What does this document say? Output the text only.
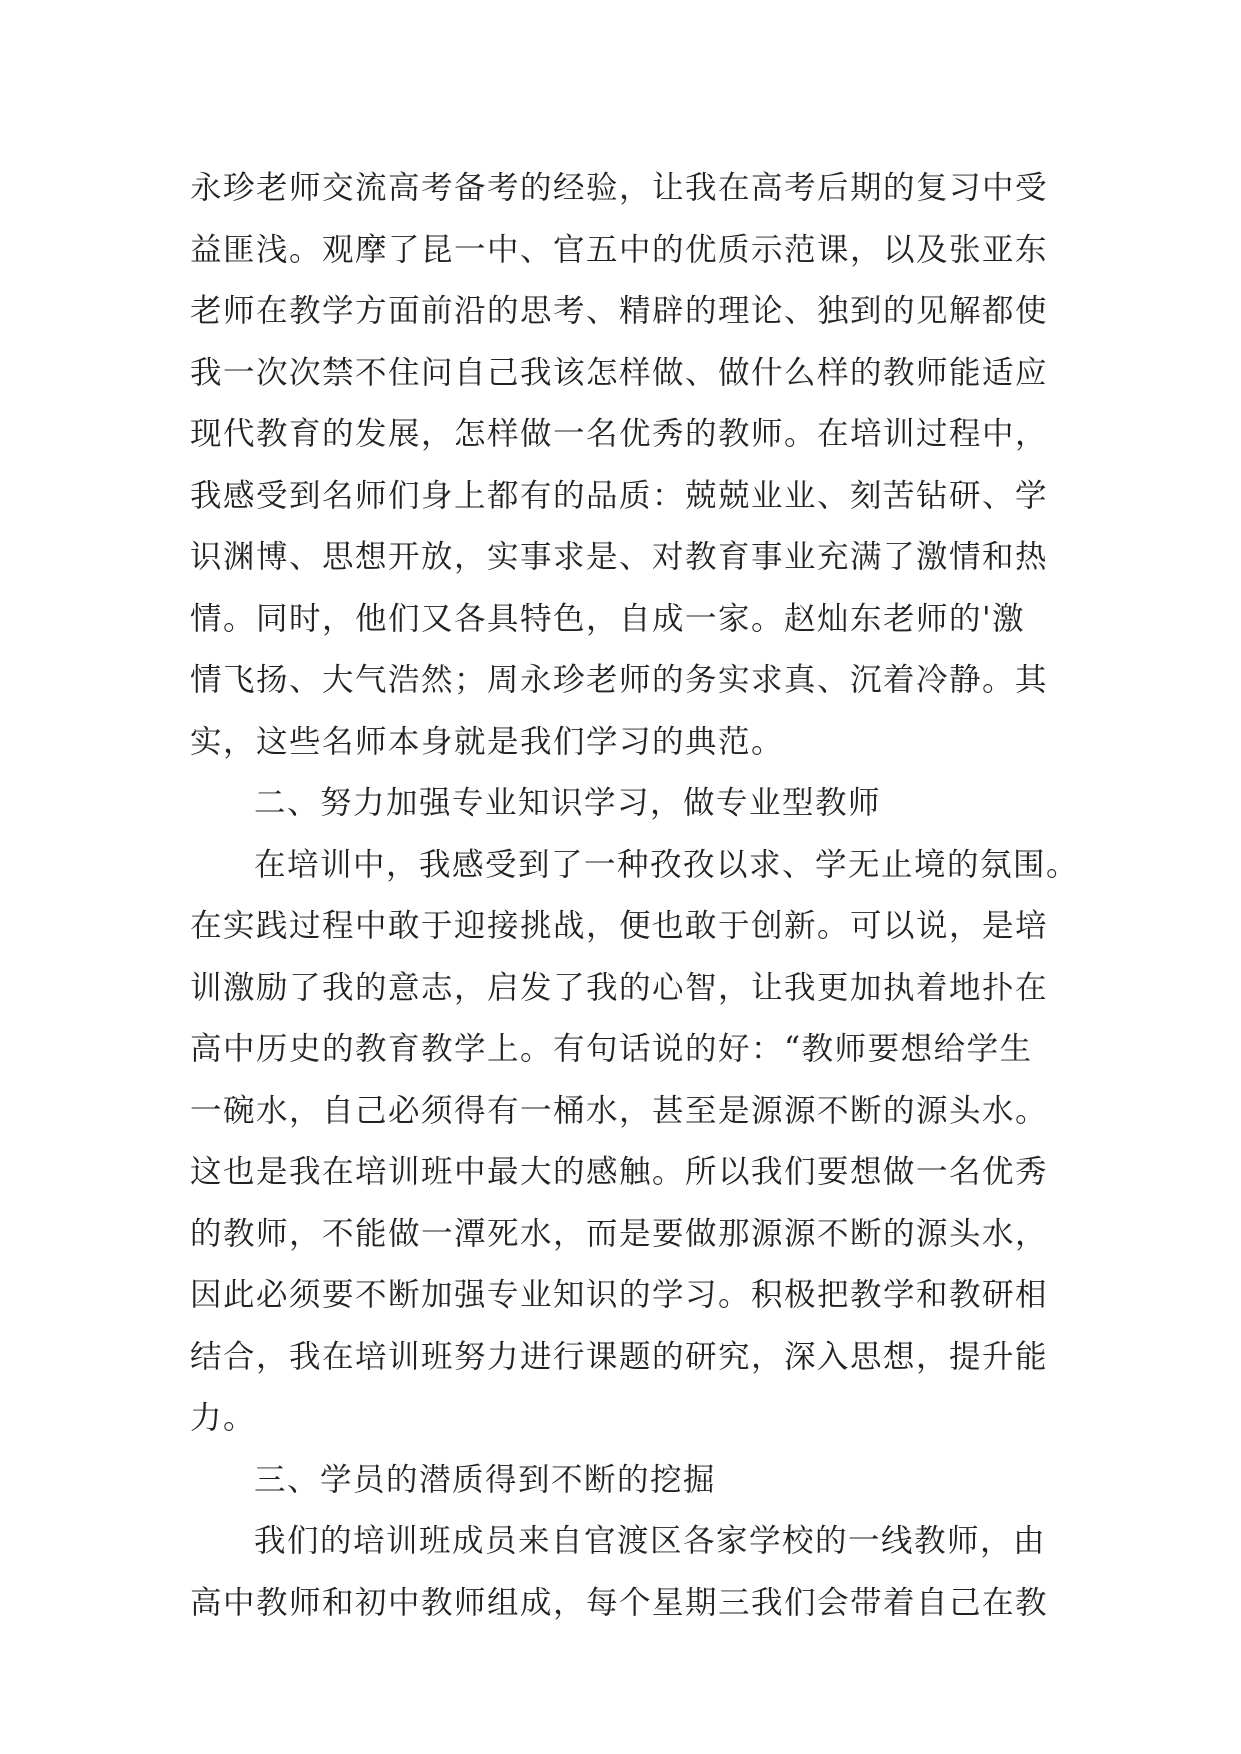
永珍老师交流高考备考的经验，让我在高考后期的复习中受
益匪浅。观摩了昆一中、官五中的优质示范课，以及张亚东
老师在教学方面前沿的思考、精辟的理论、独到的见解都使
我一次次禁不住问自己我该怎样做、做什么样的教师能适应
现代教育的发展，怎样做一名优秀的教师。在培训过程中，
我感受到名师们身上都有的品质：兢兢业业、刻苦钻研、学
识渊博、思想开放，实事求是、对教育事业充满了激情和热
情。同时，他们又各具特色，自成一家。赵灿东老师的'激
情飞扬、大气浩然；周永珍老师的务实求真、沉着冷静。其
实，这些名师本身就是我们学习的典范。
二、努力加强专业知识学习，做专业型教师
在培训中，我感受到了一种孜孜以求、学无止境的氛围。
在实践过程中敢于迎接挑战，便也敢于创新。可以说，是培
训激励了我的意志，启发了我的心智，让我更加执着地扑在
高中历史的教育教学上。有句话说的好：“教师要想给学生
一碗水，自己必须得有一桶水，甚至是源源不断的源头水。
这也是我在培训班中最大的感触。所以我们要想做一名优秀
的教师，不能做一潭死水，而是要做那源源不断的源头水，
因此必须要不断加强专业知识的学习。积极把教学和教研相
结合，我在培训班努力进行课题的研究，深入思想，提升能
力。
三、学员的潜质得到不断的挖掘
我们的培训班成员来自官渡区各家学校的一线教师，由
高中教师和初中教师组成，每个星期三我们会带着自己在教
